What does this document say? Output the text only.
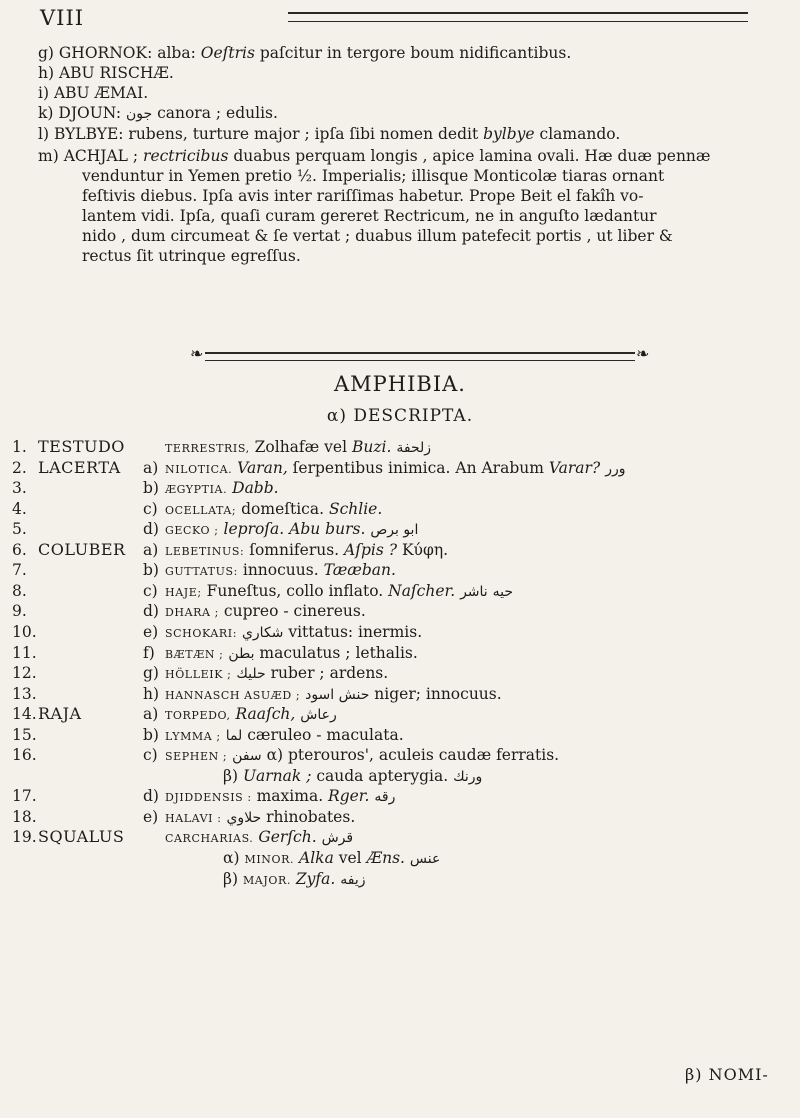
VIII
g) GHORNOK: alba: Oeſtris paſcitur in tergore boum nidificantibus.
h) ABU RISCHÆ.
i) ABU ÆMAI.
k) DJOUN: جون canora ; edulis.
l) BYLBYE: rubens, turture major ; ipſa ſibi nomen dedit bylbye clamando.
m) ACHJAL ; rectricibus duabus perquam longis , apice lamina ovali. Hæ duæ pennæ
venduntur in Yemen pretio ½. Imperialis; illisque Monticolæ tiaras ornant
feſtivis diebus. Ipſa avis inter rariſſimas habetur. Prope Beit el fakîh vo-
lantem vidi. Ipſa, quaſi curam gereret Rectricum, ne in anguſto lædantur
nido , dum circumeat & ſe vertat ; duabus illum patefecit portis , ut liber &
rectus ſit utrinque egreſſus.
❧	❧
AMPHIBIA.
α) DESCRIPTA.
1. TESTUDO	TERRESTRIS, Zolhafæ vel Buzi. زلحفة
2. LACERTA a) NILOTICA. Varan, ſerpentibus inimica. An Arabum Varar? ورر
3.	b) ÆGYPTIA. Dabb.
4.	c) OCELLATA; domeſtica. Schlie.
5.	d) GECKO ; leproſa. Abu burs. ابو برص
6. COLUBER a) LEBETINUS: ſomniferus. Aſpis ? Κύφη.
7.	b) GUTTATUS: innocuus. Tææban.
8.	c) HAJE; Funeſtus, collo inflato. Naſcher.	حيه ناشر
9.	d) DHARA ; cupreo - cinereus.
10.	e) SCHOKARI: شكاري vittatus: inermis.
11.	f) BÆTÆN ; بطن maculatus ; lethalis.
12.	g) HÖLLEIK ; حليك ruber ; ardens.
13.	h) HANNASCH ASUÆD ; حنش اسود niger; innocuus.
14. RAJA	a) TORPEDO, Raaſch, رعاش
15.	b) LYMMA ; لما cæruleo - maculata.
16.	c) SEPHEN ; سفن α) pterouros', aculeis caudæ ferratis.
β) Uarnak ; cauda apterygia. ورنك
17.	d) DJIDDENSIS : maxima. Rger. رقه
18.	e) HALAVI : حلاوي rhinobates.
19. SQUALUS	CARCHARIAS. Gerſch. قرش
α) MINOR. Alka vel Æns. عنس
β) MAJOR. Zyfa. زيفه
β) NOMI-
